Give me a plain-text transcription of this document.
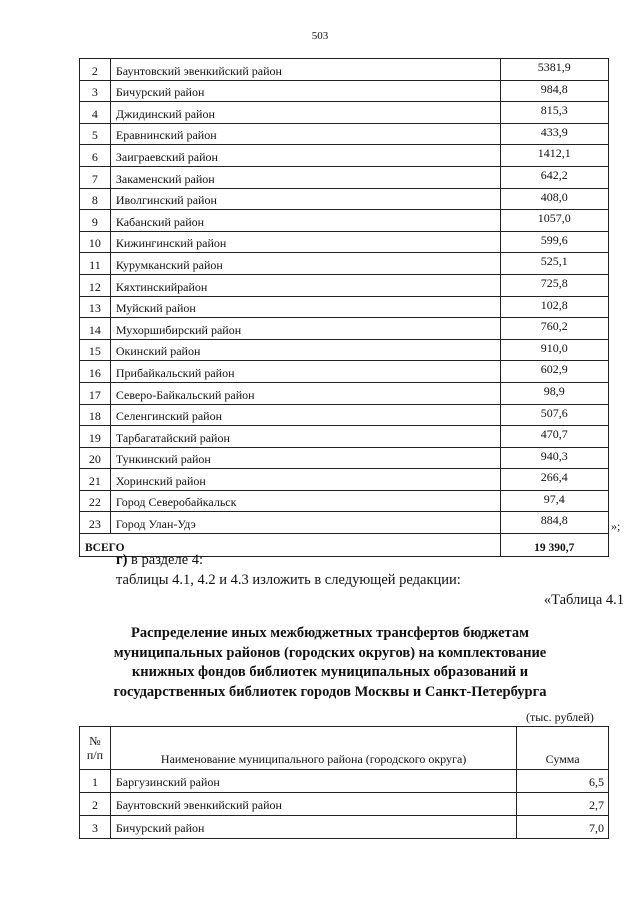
503
2	Баунтовский эвенкийский район	5381,9
3	Бичурский район	984,8
4	Джидинский район	815,3
5	Еравнинский район	433,9
6	Заиграевский район	1412,1
7	Закаменский район	642,2
8	Иволгинский район	408,0
9	Кабанский район	1057,0
10	Кижингинский район	599,6
11	Курумканский район	525,1
12	Кяхтинскийрайон	725,8
13	Муйский район	102,8
14	Мухоршибирский район	760,2
15	Окинский район	910,0
16	Прибайкальский район	602,9
17	Северо-Байкальский район	98,9
18	Селенгинский район	507,6
19	Тарбагатайский район	470,7
20	Тункинский район	940,3
21	Хоринский район	266,4
22	Город Северобайкальск	97,4
23	Город Улан-Удэ	884,8
ВСЕГО		19 390,7
»;
г) в разделе 4:
таблицы 4.1, 4.2 и 4.3 изложить в следующей редакции:
«Таблица 4.1
Распределение иных межбюджетных трансфертов бюджетам
муниципальных районов (городских округов) на комплектование
книжных фондов библиотек муниципальных образований и
государственных библиотек городов Москвы и Санкт-Петербурга
(тыс. рублей)
№
п/п	Наименование муниципального района (городского округа)	Сумма
1	Баргузинский район	6,5
2	Баунтовский эвенкийский район	2,7
3	Бичурский район	7,0
